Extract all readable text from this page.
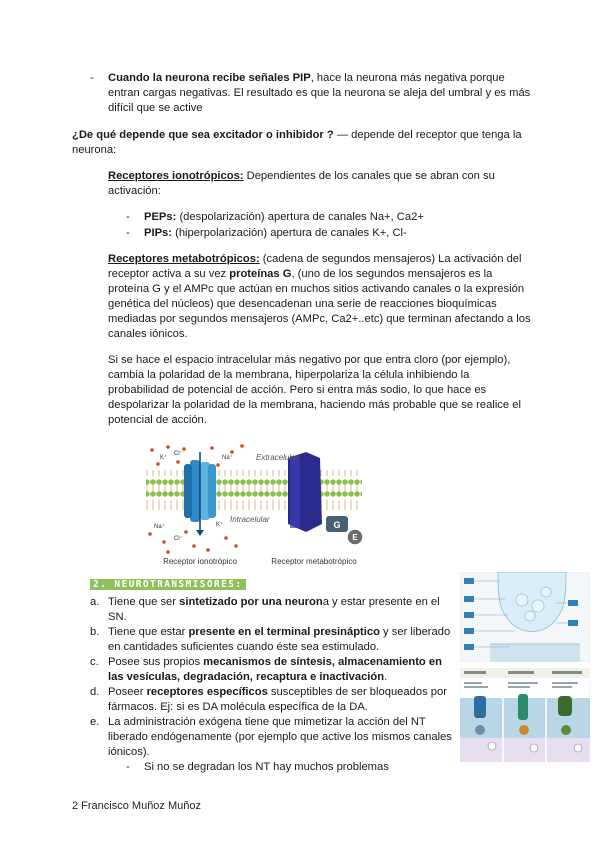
- Cuando la neurona recibe señales PIP, hace la neurona más negativa porque
entran cargas negativas. El resultado es que la neurona se aleja del umbral y es más
difícil que se active
¿De qué depende que sea excitador o inhibidor ? — depende del receptor que tenga la
neurona:
Receptores ionotrópicos: Dependientes de los canales que se abran con su
activación:
- PEPs: (despolarización) apertura de canales Na+, Ca2+
- PIPs: (hiperpolarización) apertura de canales K+, Cl-
Receptores metabotrópicos: (cadena de segundos mensajeros) La activación del
receptor activa a su vez proteínas G, (uno de los segundos mensajeros es la
proteína G y el AMPc que actúan en muchos sitios activando canales o la expresión
genética del núcleos) que desencadenan una serie de reacciones bioquímicas
mediadas por segundos mensajeros (AMPc, Ca2+..etc) que terminan afectando a los
canales iónicos.
Si se hace el espacio intracelular más negativo por que entra cloro (por ejemplo),
cambia la polaridad de la membrana, hiperpolariza la célula inhibiendo la
probabilidad de potencial de acción. Pero si entra más sodio, lo que hace es
despolarizar la polaridad de la membrana, haciendo más probable que se realice el
potencial de acción.
G
E
Extracelular
Intracelular
K⁺
Cl⁻
Na⁺
Na⁺	K⁺
Cl⁻
Receptor ionotrópico	Receptor metabotrópico
2. NEUROTRANSMISORES:
a. Tiene que ser sintetizado por una neurona y estar presente en el
SN.
b. Tiene que estar presente en el terminal presináptico y ser liberado
en cantidades suficientes cuando éste sea estimulado.
c. Posee sus propios mecanismos de síntesis, almacenamiento en
las vesículas, degradación, recaptura e inactivación.
d. Poseer receptores específicos susceptibles de ser bloqueados por
fármacos. Ej: si es DA molécula específica de la DA.
e. La administración exógena tiene que mimetizar la acción del NT
liberado endógenamente (por ejemplo que active los mismos canales
iónicos).
- Si no se degradan los NT hay muchos problemas
2 Francisco Muñoz Muñoz
